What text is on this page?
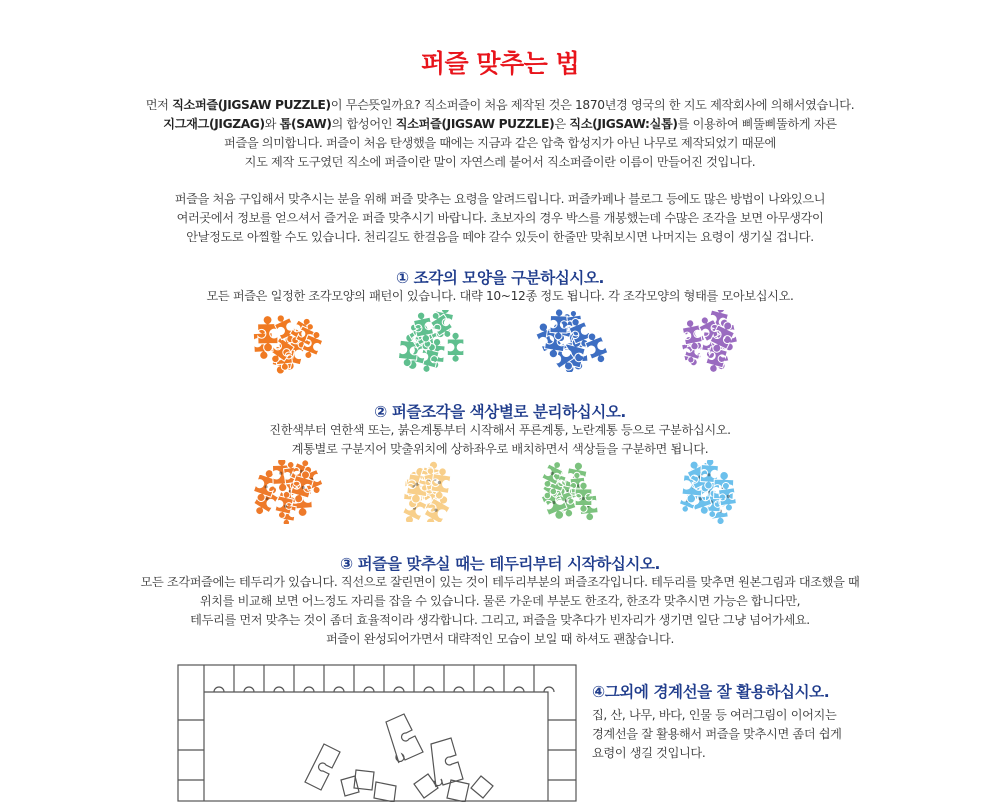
퍼즐 맞추는 법

먼저 직소퍼즐(JIGSAW PUZZLE)이 무슨뜻일까요? 직소퍼즐이 처음 제작된 것은 1870년경 영국의 한 지도 제작회사에 의해서였습니다.

지그재그(JIGZAG)와 톱(SAW)의 합성어인 직소퍼즐(JIGSAW PUZZLE)은 직소(JIGSAW:실톱)를 이용하여 삐뚤삐뚤하게 자른

퍼즐을 의미합니다. 퍼즐이 처음 탄생했을 때에는 지금과 같은 압축 합성지가 아닌 나무로 제작되었기 때문에

지도 제작 도구였던 직소에 퍼즐이란 말이 자연스레 붙어서 직소퍼즐이란 이름이 만들어진 것입니다.

퍼즐을 처음 구입해서 맞추시는 분을 위해 퍼즐 맞추는 요령을 알려드립니다. 퍼즐카페나 블로그 등에도 많은 방법이 나와있으니

여러곳에서 정보를 얻으셔서 즐거운 퍼즐 맞추시기 바랍니다. 초보자의 경우 박스를 개봉했는데 수많은 조각을 보면 아무생각이

안날정도로 아찔할 수도 있습니다. 천리길도 한걸음을 떼야 갈수 있듯이 한줄만 맞춰보시면 나머지는 요령이 생기실 겁니다.

① 조각의 모양을 구분하십시오.

모든 퍼즐은 일정한 조각모양의 패턴이 있습니다. 대략 10~12종 정도 됩니다. 각 조각모양의 형태를 모아보십시오.

② 퍼즐조각을 색상별로 분리하십시오.

진한색부터 연한색 또는, 붉은계통부터 시작해서 푸른계통, 노란계통 등으로 구분하십시오.

계통별로 구분지어 맞출위치에 상하좌우로 배치하면서 색상들을 구분하면 됩니다.

③ 퍼즐을 맞추실 때는 테두리부터 시작하십시오.

모든 조각퍼즐에는 테두리가 있습니다. 직선으로 잘린면이 있는 것이 테두리부분의 퍼즐조각입니다. 테두리를 맞추면 원본그림과 대조했을 때

위치를 비교해 보면 어느정도 자리를 잡을 수 있습니다. 물론 가운데 부분도 한조각, 한조각 맞추시면 가능은 합니다만,

테두리를 먼저 맞추는 것이 좀더 효율적이라 생각합니다. 그리고, 퍼즐을 맞추다가 빈자리가 생기면 일단 그냥 넘어가세요.

퍼즐이 완성되어가면서 대략적인 모습이 보일 때 하셔도 괜찮습니다.

④그외에 경계선을 잘 활용하십시오.
집, 산, 나무, 바다, 인물 등 여러그림이 이어지는
경계선을 잘 활용해서 퍼즐을 맞추시면 좀더 쉽게
요령이 생길 것입니다.
